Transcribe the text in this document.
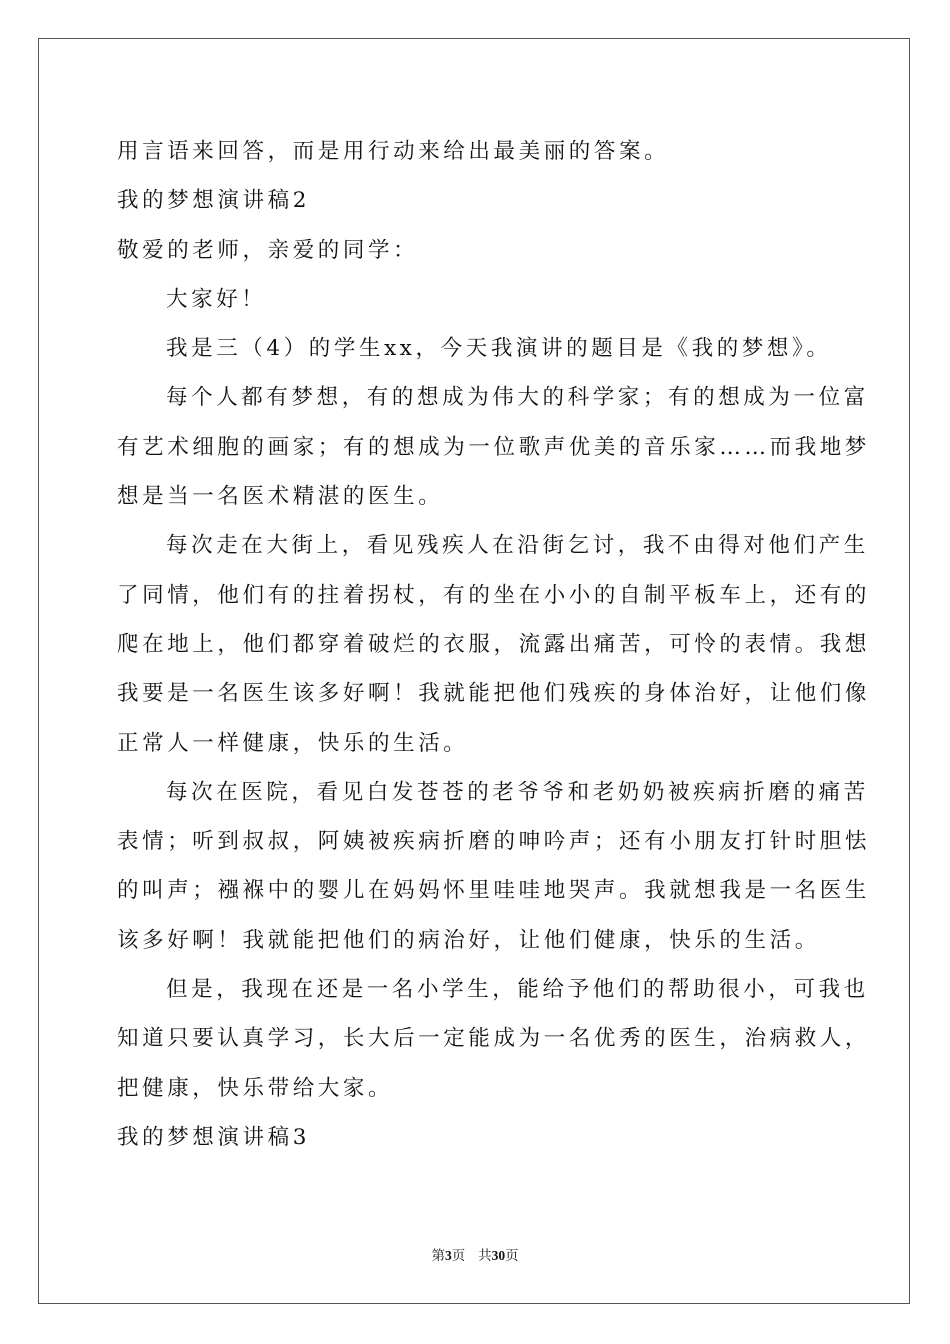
用言语来回答，而是用行动来给出最美丽的答案。

我的梦想演讲稿2

敬爱的老师，亲爱的同学：

大家好！

我是三（4）的学生xx，今天我演讲的题目是《我的梦想》。

每个人都有梦想，有的想成为伟大的科学家；有的想成为一位富

有艺术细胞的画家；有的想成为一位歌声优美的音乐家……而我地梦

想是当一名医术精湛的医生。

每次走在大街上，看见残疾人在沿街乞讨，我不由得对他们产生

了同情，他们有的拄着拐杖，有的坐在小小的自制平板车上，还有的

爬在地上，他们都穿着破烂的衣服，流露出痛苦，可怜的表情。我想

我要是一名医生该多好啊！我就能把他们残疾的身体治好，让他们像

正常人一样健康，快乐的生活。

每次在医院，看见白发苍苍的老爷爷和老奶奶被疾病折磨的痛苦

表情；听到叔叔，阿姨被疾病折磨的呻吟声；还有小朋友打针时胆怯

的叫声；襁褓中的婴儿在妈妈怀里哇哇地哭声。我就想我是一名医生

该多好啊！我就能把他们的病治好，让他们健康，快乐的生活。

但是，我现在还是一名小学生，能给予他们的帮助很小，可我也

知道只要认真学习，长大后一定能成为一名优秀的医生，治病救人，

把健康，快乐带给大家。

我的梦想演讲稿3

第3页 共30页
